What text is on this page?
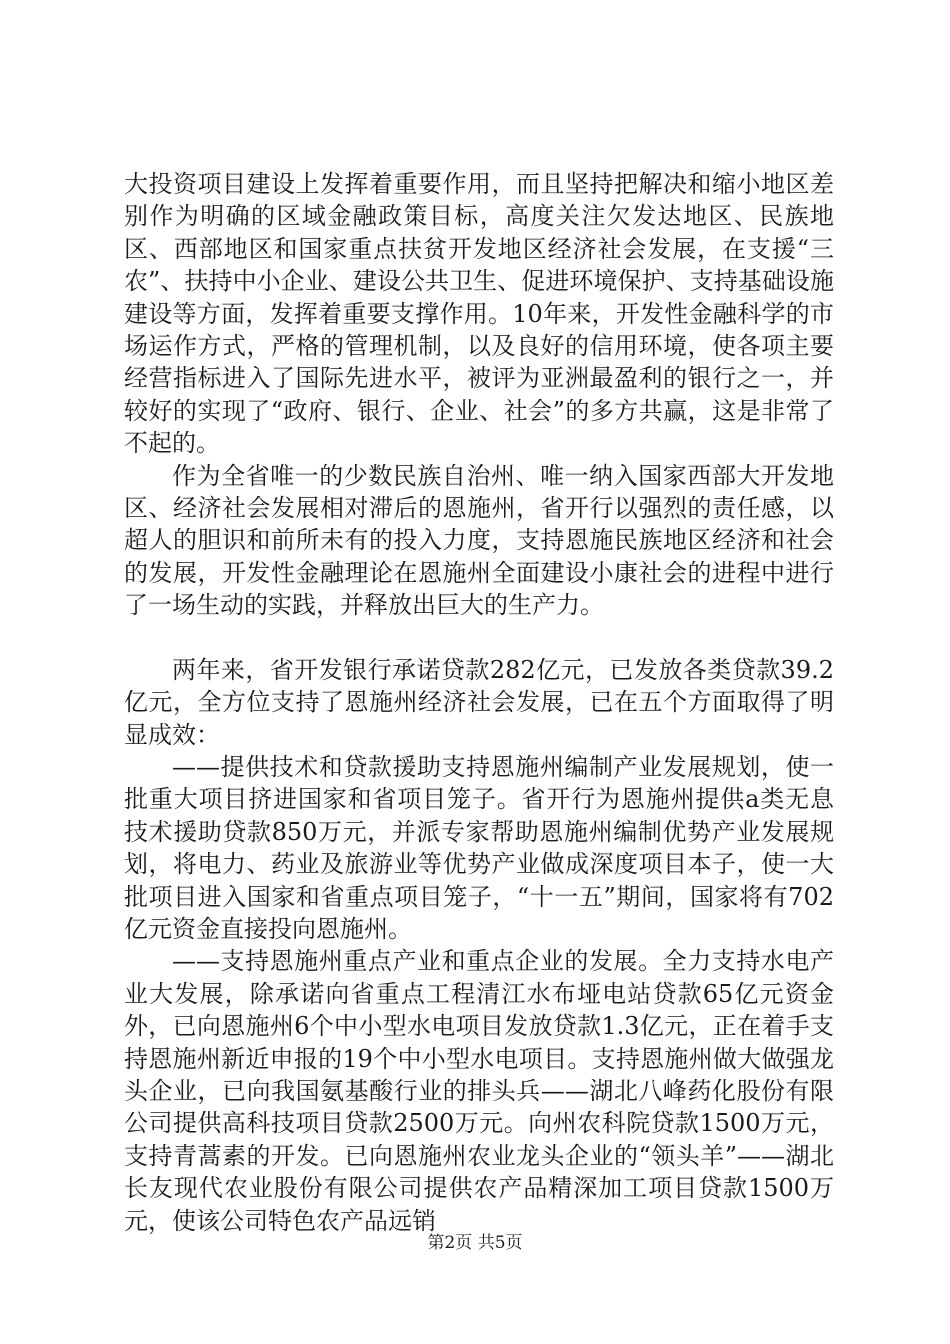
大投资项目建设上发挥着重要作用，而且坚持把解决和缩小地区差别作为明确的区域金融政策目标，高度关注欠发达地区、民族地区、西部地区和国家重点扶贫开发地区经济社会发展，在支援“三农”、扶持中小企业、建设公共卫生、促进环境保护、支持基础设施建设等方面，发挥着重要支撑作用。10年来，开发性金融科学的市场运作方式，严格的管理机制，以及良好的信用环境，使各项主要经营指标进入了国际先进水平，被评为亚洲最盈利的银行之一，并较好的实现了“政府、银行、企业、社会”的多方共赢，这是非常了不起的。

作为全省唯一的少数民族自治州、唯一纳入国家西部大开发地区、经济社会发展相对滞后的恩施州，省开行以强烈的责任感，以超人的胆识和前所未有的投入力度，支持恩施民族地区经济和社会的发展，开发性金融理论在恩施州全面建设小康社会的进程中进行了一场生动的实践，并释放出巨大的生产力。

两年来，省开发银行承诺贷款282亿元，已发放各类贷款39.2亿元，全方位支持了恩施州经济社会发展，已在五个方面取得了明显成效：

——提供技术和贷款援助支持恩施州编制产业发展规划，使一批重大项目挤进国家和省项目笼子。省开行为恩施州提供a类无息技术援助贷款850万元，并派专家帮助恩施州编制优势产业发展规划，将电力、药业及旅游业等优势产业做成深度项目本子，使一大批项目进入国家和省重点项目笼子，“十一五”期间，国家将有702亿元资金直接投向恩施州。

——支持恩施州重点产业和重点企业的发展。全力支持水电产业大发展，除承诺向省重点工程清江水布垭电站贷款65亿元资金外，已向恩施州6个中小型水电项目发放贷款1.3亿元，正在着手支持恩施州新近申报的19个中小型水电项目。支持恩施州做大做强龙头企业，已向我国氨基酸行业的排头兵——湖北八峰药化股份有限公司提供高科技项目贷款2500万元。向州农科院贷款1500万元，支持青蒿素的开发。已向恩施州农业龙头企业的“领头羊”——湖北长友现代农业股份有限公司提供农产品精深加工项目贷款1500万元，使该公司特色农产品远销

第2页 共5页
